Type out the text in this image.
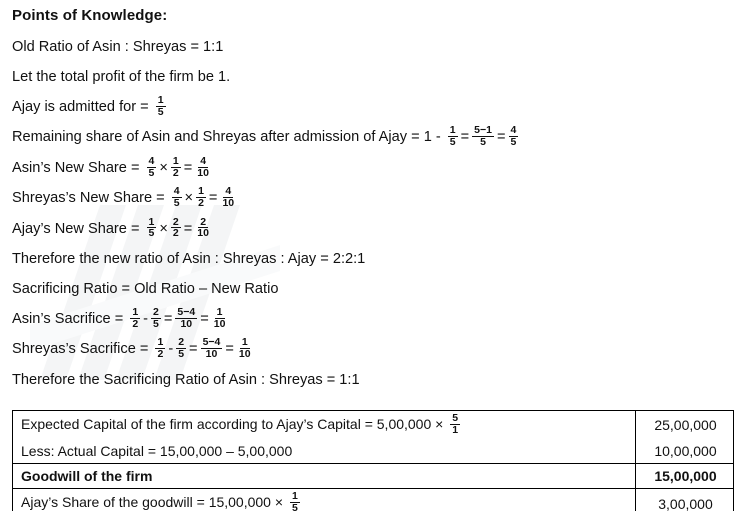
Points of Knowledge:
Old Ratio of Asin : Shreyas = 1:1
Let the total profit of the firm be 1.
Ajay is admitted for = $\frac{1}{5}$
Remaining share of Asin and Shreyas after admission of Ajay = $1 - \frac{1}{5} = \frac{5-1}{5} = \frac{4}{5}$
Asin’s New Share = $\frac{4}{5} \times \frac{1}{2} = \frac{4}{10}$
Shreyas’s New Share = $\frac{4}{5} \times \frac{1}{2} = \frac{4}{10}$
Ajay’s New Share = $\frac{1}{5} \times \frac{2}{2} = \frac{2}{10}$
Therefore the new ratio of Asin : Shreyas : Ajay = 2:2:1
Sacrificing Ratio = Old Ratio – New Ratio
Asin’s Sacrifice = $\frac{1}{2} - \frac{2}{5} = \frac{5-4}{10} = \frac{1}{10}$
Shreyas’s Sacrifice = $\frac{1}{2} - \frac{2}{5} = \frac{5-4}{10} = \frac{1}{10}$
Therefore the Sacrificing Ratio of Asin : Shreyas = 1:1
Expected Capital of the firm according to Ajay’s Capital = $5,00,000 \times \frac{5}{1}$	25,00,000
Less: Actual Capital = 15,00,000 – 5,00,000	10,00,000
Goodwill of the firm	15,00,000
Ajay’s Share of the goodwill = $15,00,000 \times \frac{1}{5}$	3,00,000
